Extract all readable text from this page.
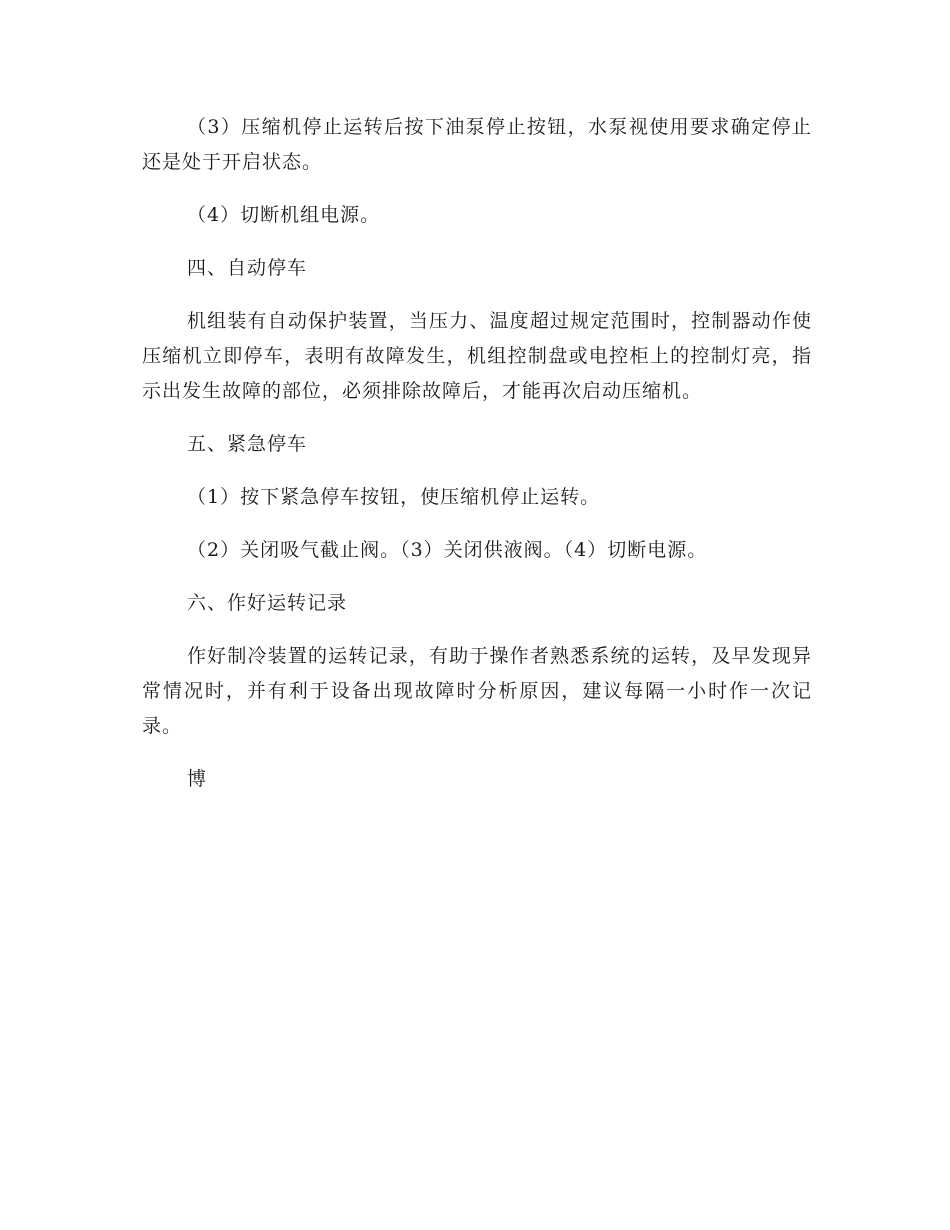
（3）压缩机停止运转后按下油泵停止按钮，水泵视使用要求确定停止还是处于开启状态。

（4）切断机组电源。

四、自动停车

机组装有自动保护装置，当压力、温度超过规定范围时，控制器动作使压缩机立即停车，表明有故障发生，机组控制盘或电控柜上的控制灯亮，指示出发生故障的部位，必须排除故障后，才能再次启动压缩机。

五、紧急停车

（1）按下紧急停车按钮，使压缩机停止运转。

（2）关闭吸气截止阀。（3）关闭供液阀。（4）切断电源。

六、作好运转记录

作好制冷装置的运转记录，有助于操作者熟悉系统的运转，及早发现异常情况时，并有利于设备出现故障时分析原因，建议每隔一小时作一次记录。

博
